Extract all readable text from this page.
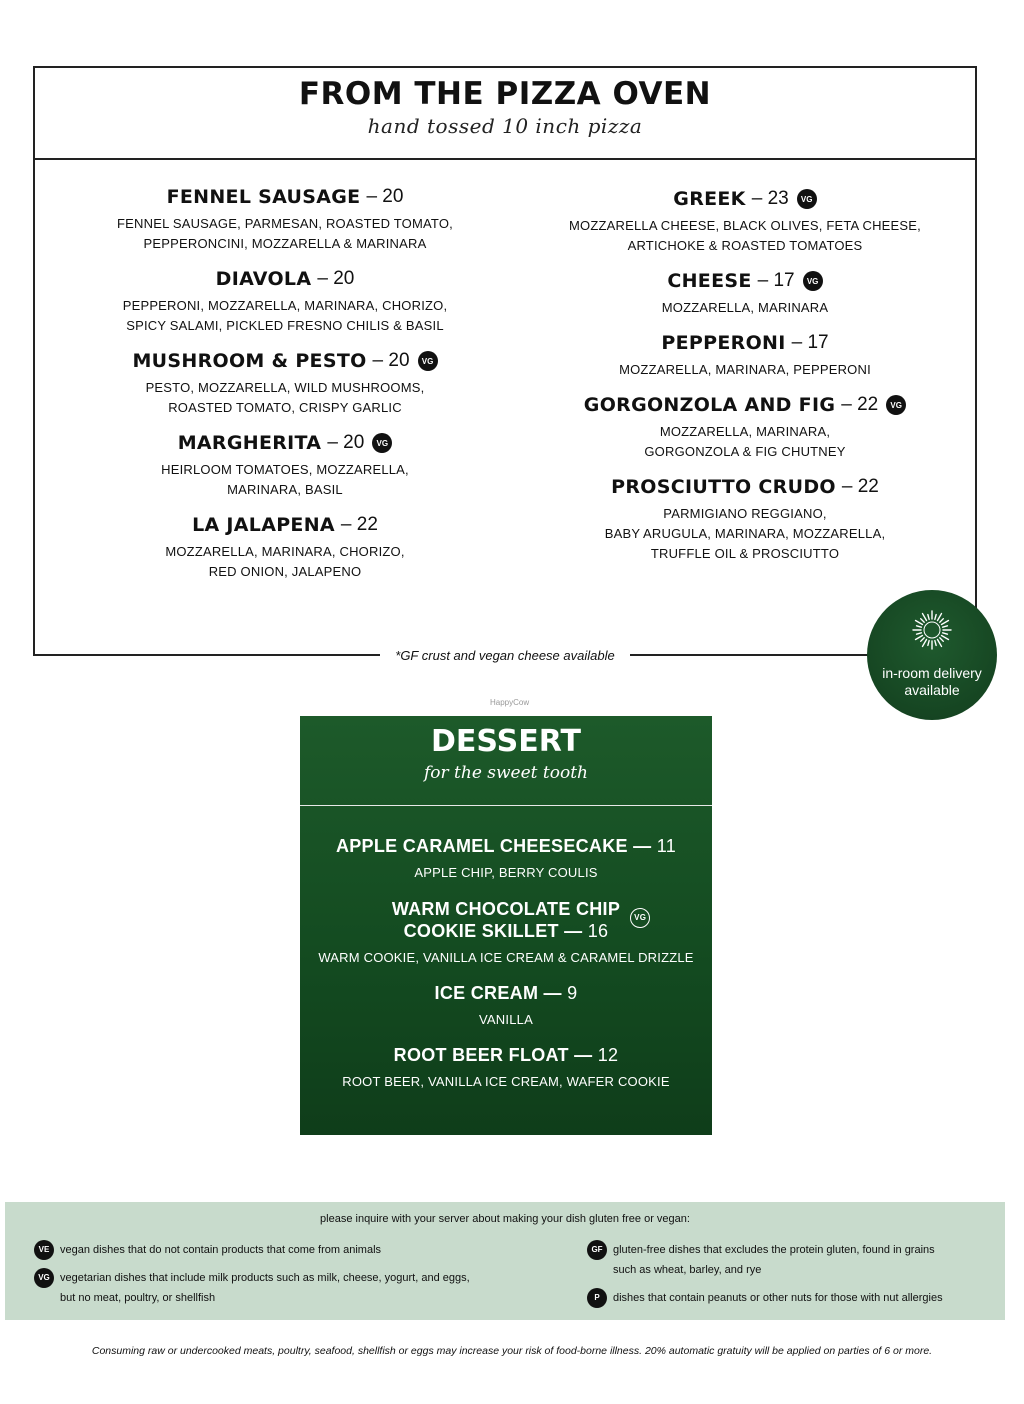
FROM THE PIZZA OVEN
hand tossed 10 inch pizza
FENNEL SAUSAGE – 20
FENNEL SAUSAGE, PARMESAN, ROASTED TOMATO,
PEPPERONCINI, MOZZARELLA & MARINARA
DIAVOLA – 20
PEPPERONI, MOZZARELLA, MARINARA, CHORIZO,
SPICY SALAMI, PICKLED FRESNO CHILIS & BASIL
MUSHROOM & PESTO – 20	VG
PESTO, MOZZARELLA, WILD MUSHROOMS,
ROASTED TOMATO, CRISPY GARLIC
MARGHERITA – 20	VG
HEIRLOOM TOMATOES, MOZZARELLA,
MARINARA, BASIL
LA JALAPENA – 22
MOZZARELLA, MARINARA, CHORIZO,
RED ONION, JALAPENO
GREEK – 23	VG
MOZZARELLA CHEESE, BLACK OLIVES, FETA CHEESE,
ARTICHOKE & ROASTED TOMATOES
CHEESE – 17	VG
MOZZARELLA, MARINARA
PEPPERONI – 17
MOZZARELLA, MARINARA, PEPPERONI
GORGONZOLA AND FIG – 22	VG
MOZZARELLA, MARINARA,
GORGONZOLA & FIG CHUTNEY
PROSCIUTTO CRUDO – 22
PARMIGIANO REGGIANO,
BABY ARUGULA, MARINARA, MOZZARELLA,
TRUFFLE OIL & PROSCIUTTO
*GF crust and vegan cheese available
in-room delivery
available
HappyCow
DESSERT
for the sweet tooth
APPLE CARAMEL CHEESECAKE — 11
APPLE CHIP, BERRY COULIS
WARM CHOCOLATE CHIP
COOKIE SKILLET — 16
VG
WARM COOKIE, VANILLA ICE CREAM & CARAMEL DRIZZLE
ICE CREAM — 9
VANILLA
ROOT BEER FLOAT — 12
ROOT BEER, VANILLA ICE CREAM, WAFER COOKIE
please inquire with your server about making your dish gluten free or vegan:
VE vegan dishes that do not contain products that come from animals
VG vegetarian dishes that include milk products such as milk, cheese, yogurt, and eggs,
but no meat, poultry, or shellfish
GF gluten-free dishes that excludes the protein gluten, found in grains
such as wheat, barley, and rye
P	dishes that contain peanuts or other nuts for those with nut allergies
Consuming raw or undercooked meats, poultry, seafood, shellfish or eggs may increase your risk of food-borne illness. 20% automatic gratuity will be applied on parties of 6 or more.
